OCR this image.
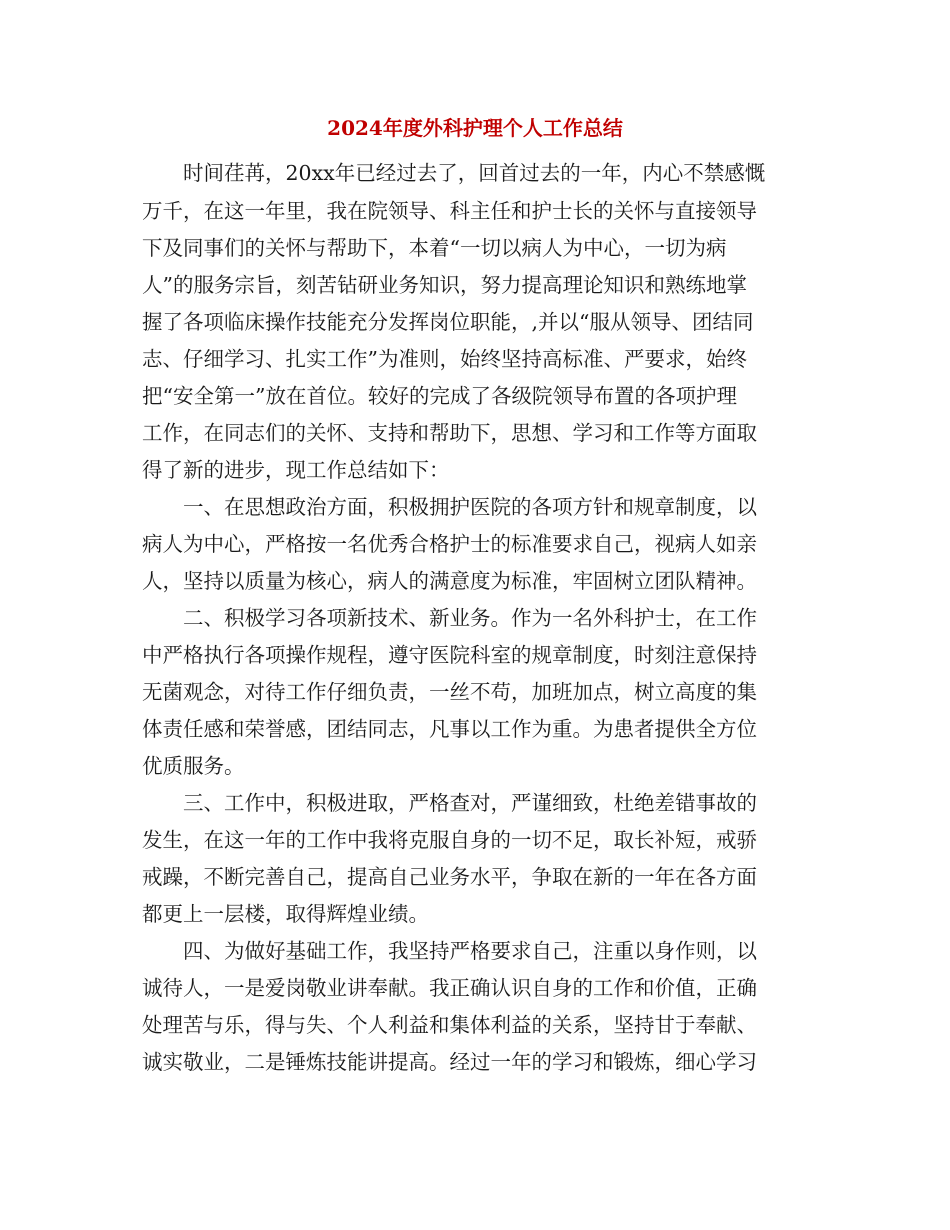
2024年度外科护理个人工作总结
　　时间荏苒，20xx年已经过去了，回首过去的一年，内心不禁感慨
万千，在这一年里，我在院领导、科主任和护士长的关怀与直接领导
下及同事们的关怀与帮助下，本着“一切以病人为中心，一切为病
人”的服务宗旨，刻苦钻研业务知识，努力提高理论知识和熟练地掌
握了各项临床操作技能充分发挥岗位职能，,并以“服从领导、团结同
志、仔细学习、扎实工作”为准则，始终坚持高标准、严要求，始终
把“安全第一”放在首位。较好的完成了各级院领导布置的各项护理
工作，在同志们的关怀、支持和帮助下，思想、学习和工作等方面取
得了新的进步，现工作总结如下：
　　一、在思想政治方面，积极拥护医院的各项方针和规章制度，以
病人为中心，严格按一名优秀合格护士的标准要求自己，视病人如亲
人，坚持以质量为核心，病人的满意度为标准，牢固树立团队精神。
　　二、积极学习各项新技术、新业务。作为一名外科护士，在工作
中严格执行各项操作规程，遵守医院科室的规章制度，时刻注意保持
无菌观念，对待工作仔细负责，一丝不苟，加班加点，树立高度的集
体责任感和荣誉感，团结同志，凡事以工作为重。为患者提供全方位
优质服务。
　　三、工作中，积极进取，严格查对，严谨细致，杜绝差错事故的
发生，在这一年的工作中我将克服自身的一切不足，取长补短，戒骄
戒躁，不断完善自己，提高自己业务水平，争取在新的一年在各方面
都更上一层楼，取得辉煌业绩。
　　四、为做好基础工作，我坚持严格要求自己，注重以身作则，以
诚待人，一是爱岗敬业讲奉献。我正确认识自身的工作和价值，正确
处理苦与乐，得与失、个人利益和集体利益的关系，坚持甘于奉献、
诚实敬业，二是锤炼技能讲提高。经过一年的学习和锻炼，细心学习
